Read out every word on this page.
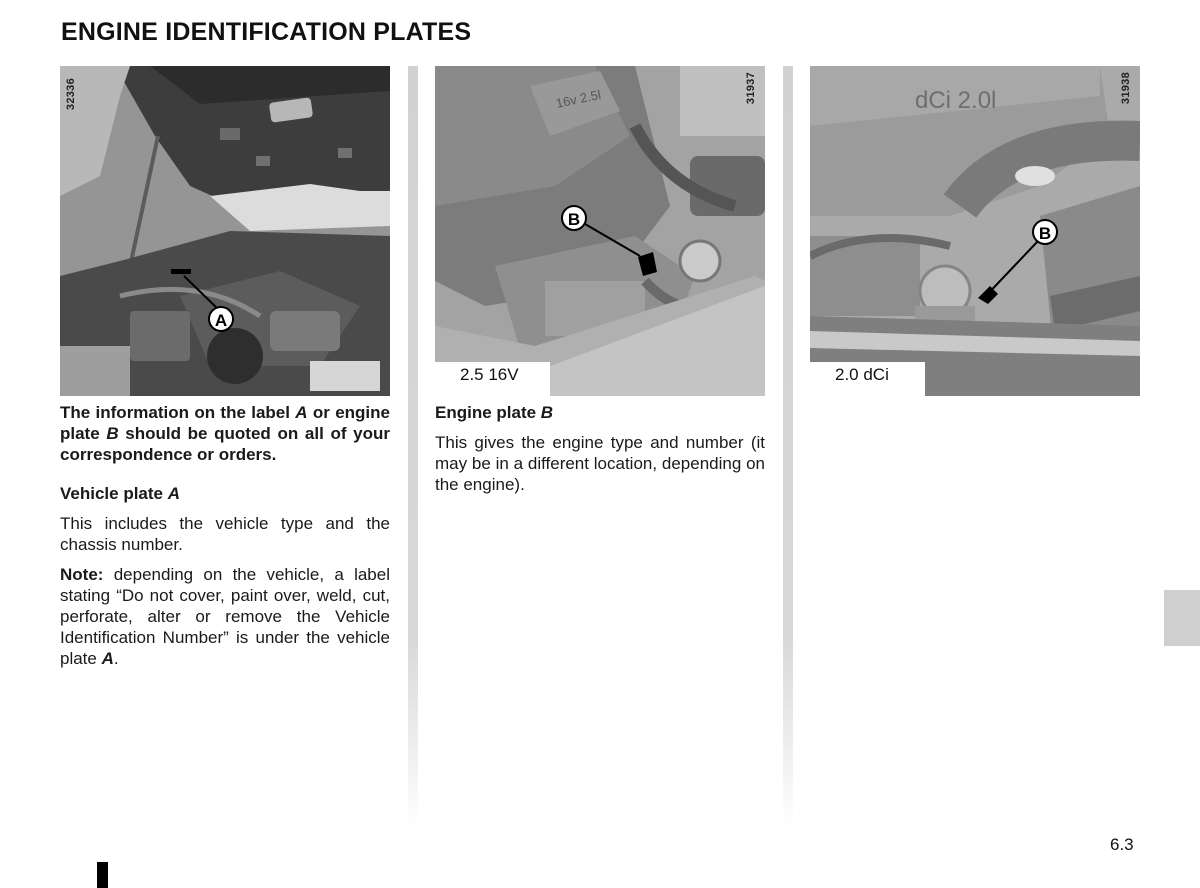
ENGINE IDENTIFICATION PLATES
A
32336	16v 2.5l
B
31937
2.5 16V
dCi 2.0l
B
31938
2.0 dCi

The information on the label A or engine plate B should be quoted on all of your correspondence or orders.

Vehicle plate A

This includes the vehicle type and the chassis number.

Note: depending on the vehicle, a label stating “Do not cover, paint over, weld, cut, perforate, alter or remove the Vehicle Identification Number” is under the vehicle plate A.

Engine plate B

This gives the engine type and number (it may be in a different location, depending on the engine).

6.3
